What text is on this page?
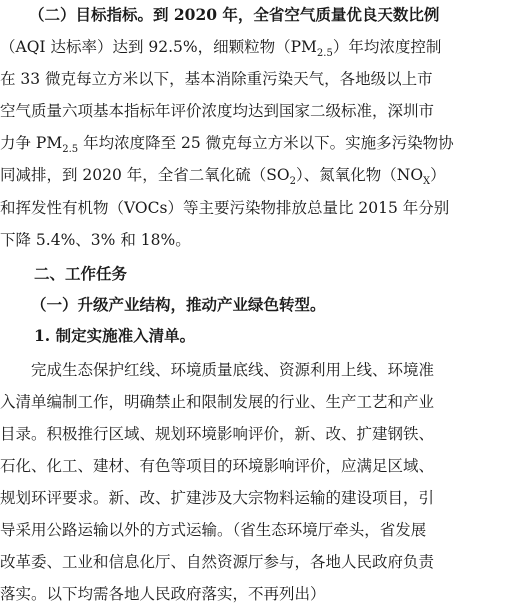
（二）目标指标。到 2020 年，全省空气质量优良天数比例
（AQI 达标率）达到 92.5%，细颗粒物$(PM_{2.5})$年均浓度控制
在 33 微克每立方米以下，基本消除重污染天气，各地级以上市
空气质量六项基本指标年评价浓度均达到国家二级标准，深圳市
力争 $PM_{2.5}$ 年均浓度降至 25 微克每立方米以下。实施多污染物协
同减排，到 2020 年，全省二氧化硫$(SO_2)$、氮氧化物$(NO_X)$
和挥发性有机物（VOCs）等主要污染物排放总量比 2015 年分别
下降 5.4%、3% 和 18%。
二、工作任务
（一）升级产业结构，推动产业绿色转型。
1. 制定实施准入清单。
完成生态保护红线、环境质量底线、资源利用上线、环境准
入清单编制工作，明确禁止和限制发展的行业、生产工艺和产业
目录。积极推行区域、规划环境影响评价，新、改、扩建钢铁、
石化、化工、建材、有色等项目的环境影响评价，应满足区域、
规划环评要求。新、改、扩建涉及大宗物料运输的建设项目，引
导采用公路运输以外的方式运输。（省生态环境厅牵头，省发展
改革委、工业和信息化厅、自然资源厅参与，各地人民政府负责
落实。以下均需各地人民政府落实，不再列出）
